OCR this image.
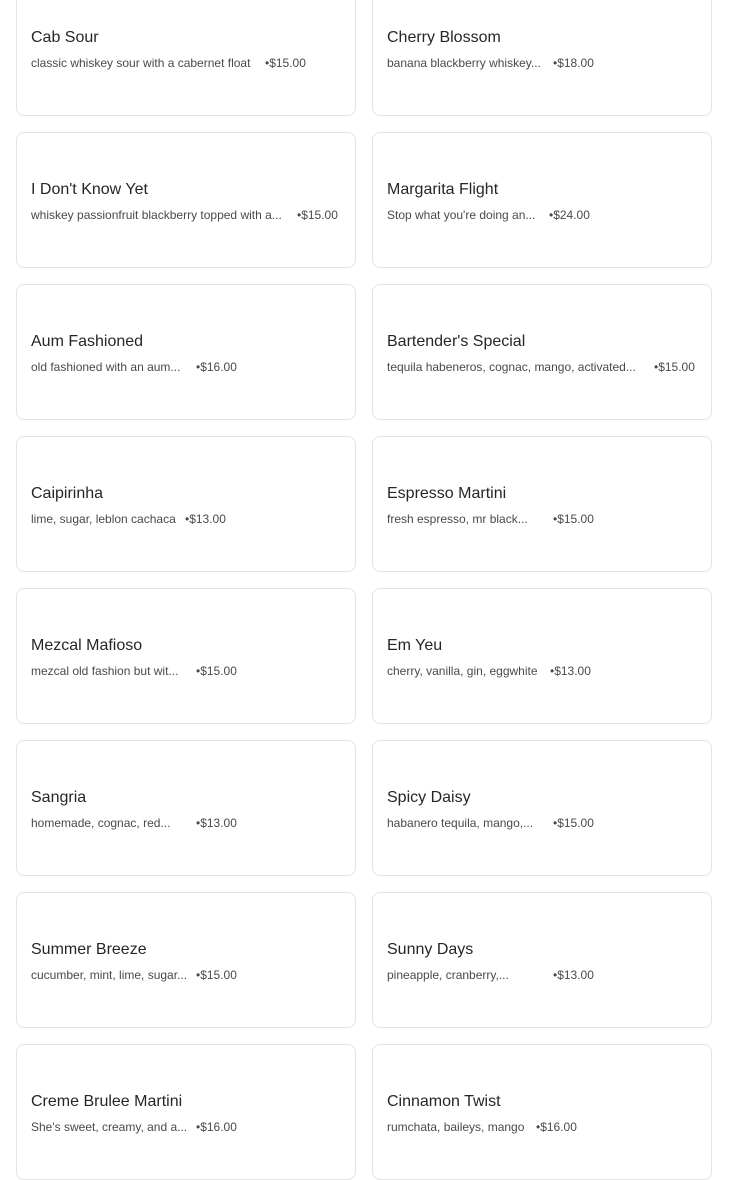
Cab Sour
classic whiskey sour with a cabernet float	• $15.00
Cherry Blossom
banana blackberry whiskey...	• $18.00
I Don't Know Yet
whiskey passionfruit blackberry topped with a...	• $15.00
Margarita Flight
Stop what you're doing an...	• $24.00
Aum Fashioned
old fashioned with an aum...	• $16.00
Bartender's Special
tequila habeneros, cognac, mango, activated...	• $15.00
Caipirinha
lime, sugar, leblon cachaca	• $13.00
Espresso Martini
fresh espresso, mr black...	• $15.00
Mezcal Mafioso
mezcal old fashion but wit...	• $15.00
Em Yeu
cherry, vanilla, gin, eggwhite	• $13.00
Sangria
homemade, cognac, red...	• $13.00
Spicy Daisy
habanero tequila, mango,...	• $15.00
Summer Breeze
cucumber, mint, lime, sugar...	• $15.00
Sunny Days
pineapple, cranberry,...	• $13.00
Creme Brulee Martini
She's sweet, creamy, and a...	• $16.00
Cinnamon Twist
rumchata, baileys, mango	• $16.00
